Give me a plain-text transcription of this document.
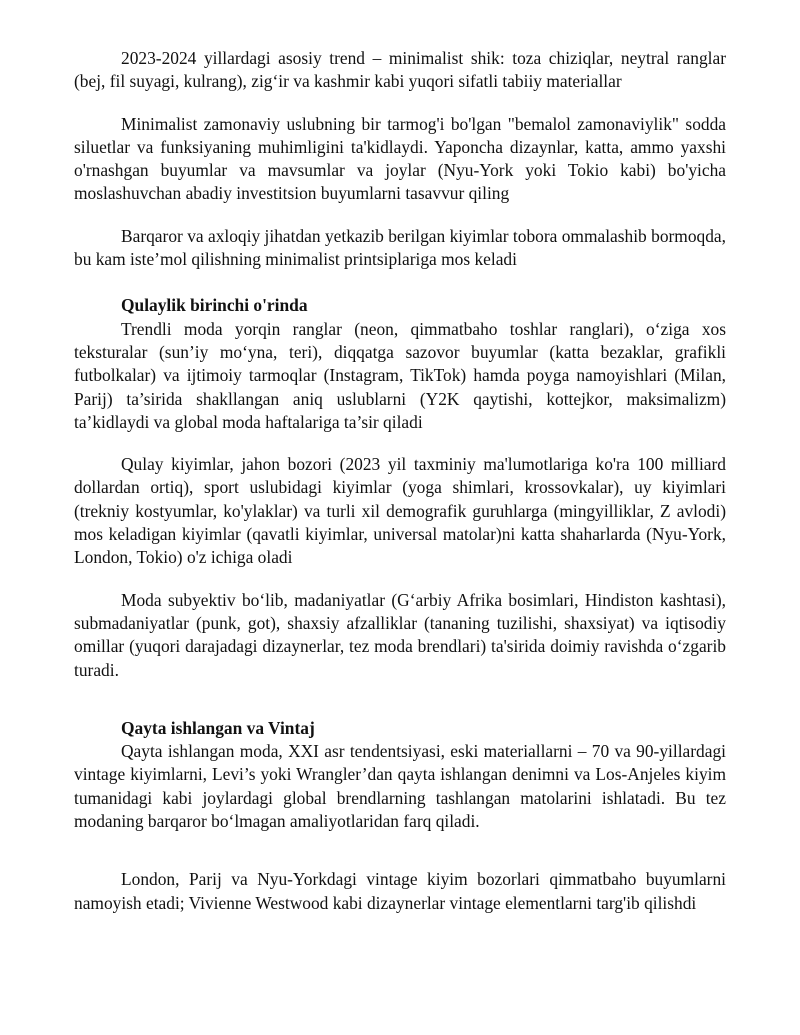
2023-2024 yillardagi asosiy trend – minimalist shik: toza chiziqlar, neytral ranglar (bej, fil suyagi, kulrang), zig‘ir va kashmir kabi yuqori sifatli tabiiy materiallar

Minimalist zamonaviy uslubning bir tarmog'i bo'lgan "bemalol zamonaviylik" sodda siluetlar va funksiyaning muhimligini ta'kidlaydi. Yaponcha dizaynlar, katta, ammo yaxshi o'rnashgan buyumlar va mavsumlar va joylar (Nyu-York yoki Tokio kabi) bo'yicha moslashuvchan abadiy investitsion buyumlarni tasavvur qiling

Barqaror va axloqiy jihatdan yetkazib berilgan kiyimlar tobora ommalashib bormoqda, bu kam iste’mol qilishning minimalist printsiplariga mos keladi

Qulaylik birinchi o'rinda

Trendli moda yorqin ranglar (neon, qimmatbaho toshlar ranglari), o‘ziga xos teksturalar (sun’iy mo‘yna, teri), diqqatga sazovor buyumlar (katta bezaklar, grafikli futbolkalar) va ijtimoiy tarmoqlar (Instagram, TikTok) hamda poyga namoyishlari (Milan, Parij) ta’sirida shakllangan aniq uslublarni (Y2K qaytishi, kottejkor, maksimalizm) ta’kidlaydi va global moda haftalariga ta’sir qiladi

Qulay kiyimlar, jahon bozori (2023 yil taxminiy ma'lumotlariga ko'ra 100 milliard dollardan ortiq), sport uslubidagi kiyimlar (yoga shimlari, krossovkalar), uy kiyimlari (trekniy kostyumlar, ko'ylaklar) va turli xil demografik guruhlarga (mingyilliklar, Z avlodi) mos keladigan kiyimlar (qavatli kiyimlar, universal matolar)ni katta shaharlarda (Nyu-York, London, Tokio) o'z ichiga oladi

Moda subyektiv bo‘lib, madaniyatlar (G‘arbiy Afrika bosimlari, Hindiston kashtasi), submadaniyatlar (punk, got), shaxsiy afzalliklar (tananing tuzilishi, shaxsiyat) va iqtisodiy omillar (yuqori darajadagi dizaynerlar, tez moda brendlari) ta'sirida doimiy ravishda o‘zgarib turadi.

Qayta ishlangan va Vintaj

Qayta ishlangan moda, XXI asr tendentsiyasi, eski materiallarni – 70 va 90-yillardagi vintage kiyimlarni, Levi’s yoki Wrangler’dan qayta ishlangan denimni va Los-Anjeles kiyim tumanidagi kabi joylardagi global brendlarning tashlangan matolarini ishlatadi. Bu tez modaning barqaror bo‘lmagan amaliyotlaridan farq qiladi.

London, Parij va Nyu-Yorkdagi vintage kiyim bozorlari qimmatbaho buyumlarni namoyish etadi; Vivienne Westwood kabi dizaynerlar vintage elementlarni targ'ib qilishdi
